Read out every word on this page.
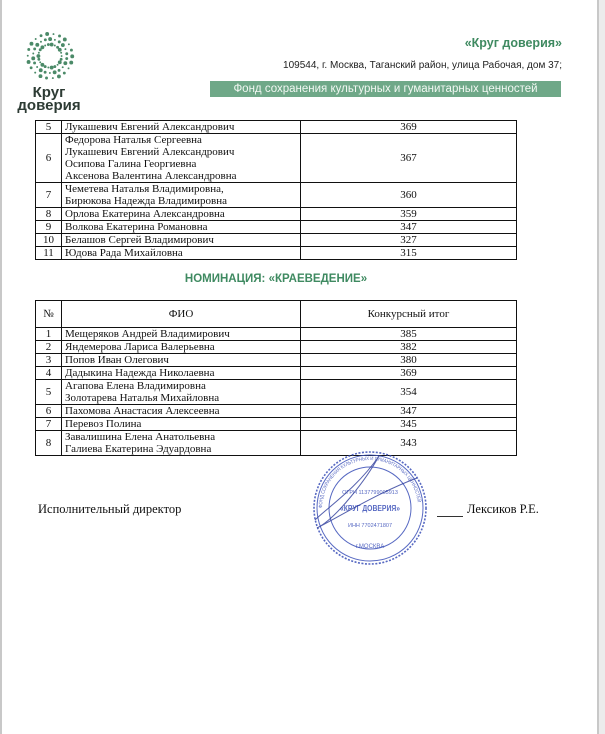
Круг
доверия
«Круг доверия»
109544, г. Москва, Таганский район, улица Рабочая, дом 37;
Фонд сохранения культурных и гуманитарных ценностей
5	Лукашевич Евгений Александрович	369
6	Федорова Наталья Сергеевна
Лукашевич Евгений Александрович
Осипова Галина Георгиевна
Аксенова Валентина Александровна	367
7	Чеметева Наталья Владимировна,
Бирюкова Надежда Владимировна	360
8	Орлова Екатерина Александровна	359
9	Волкова Екатерина Романовна	347
10	Белашов Сергей Владимирович	327
11	Юдова Рада Михайловна	315
НОМИНАЦИЯ: «КРАЕВЕДЕНИЕ»
№	ФИО	Конкурсный итог
1	Мещеряков Андрей Владимирович	385
2	Яндемерова Лариса Валерьевна	382
3	Попов Иван Олегович	380
4	Дадыкина Надежда Николаевна	369
5	Агапова Елена Владимировна
Золотарева Наталья Михайловна	354
6	Пахомова Анастасия Алексеевна	347
7	Перевоз Полина	345
8	Завалишина Елена Анатольевна
Галиева Екатерина Эдуардовна	343
Исполнительный директор	ФОНД СОХРАНЕНИЯ КУЛЬТУРНЫХ И ГУМАНИТАРНЫХ ЦЕННОСТЕЙ
ОГРН 1137799005913
«КРУГ ДОВЕРИЯ»
ИНН 7702471807
г.МОСКВА
Лексиков Р.Е.
